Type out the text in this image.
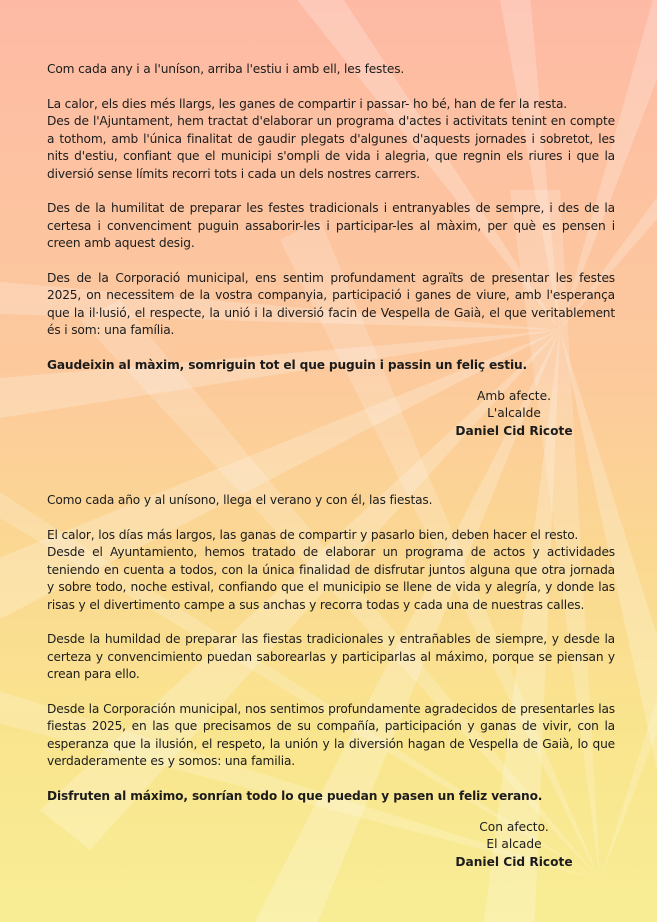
Com cada any i a l'uníson, arriba l'estiu i amb ell, les festes.

La calor, els dies més llargs, les ganes de compartir i passar- ho bé, han de fer la resta.

Des de l'Ajuntament, hem tractat d'elaborar un programa d'actes i activitats tenint en compte a tothom, amb l'única finalitat de gaudir plegats d'algunes d'aquests jornades i sobretot, les nits d'estiu, confiant que el municipi s'ompli de vida i alegria, que regnin els riures i que la diversió sense límits recorri tots i cada un dels nostres carrers.

Des de la humilitat de preparar les festes tradicionals i entranyables de sempre, i des de la certesa i convenciment puguin assaborir-les i participar-les al màxim, per què es pensen i creen amb aquest desig.

Des de la Corporació municipal, ens sentim profundament agraïts de presentar les festes 2025, on necessitem de la vostra companyia, participació i ganes de viure, amb l'esperança que la il·lusió, el respecte, la unió i la diversió facin de Vespella de Gaià, el que veritablement és i som: una família.

Gaudeixin al màxim, somriguin tot el que puguin i passin un feliç estiu.

Amb afecte.
L'alcalde
Daniel Cid Ricote

Como cada año y al unísono, llega el verano y con él, las fiestas.

El calor, los días más largos, las ganas de compartir y pasarlo bien, deben hacer el resto.

Desde el Ayuntamiento, hemos tratado de elaborar un programa de actos y actividades teniendo en cuenta a todos, con la única finalidad de disfrutar juntos alguna que otra jornada y sobre todo, noche estival, confiando que el municipio se llene de vida y alegría, y donde las risas y el divertimento campe a sus anchas y recorra todas y cada una de nuestras calles.

Desde la humildad de preparar las fiestas tradicionales y entrañables de siempre, y desde la certeza y convencimiento puedan saborearlas y participarlas al máximo, porque se piensan y crean para ello.

Desde la Corporación municipal, nos sentimos profundamente agradecidos de presentarles las fiestas 2025, en las que precisamos de su compañía, participación y ganas de vivir, con la esperanza que la ilusión, el respeto, la unión y la diversión hagan de Vespella de Gaià, lo que verdaderamente es y somos: una familia.

Disfruten al máximo, sonrían todo lo que puedan y pasen un feliz verano.

Con afecto.
El alcade
Daniel Cid Ricote
